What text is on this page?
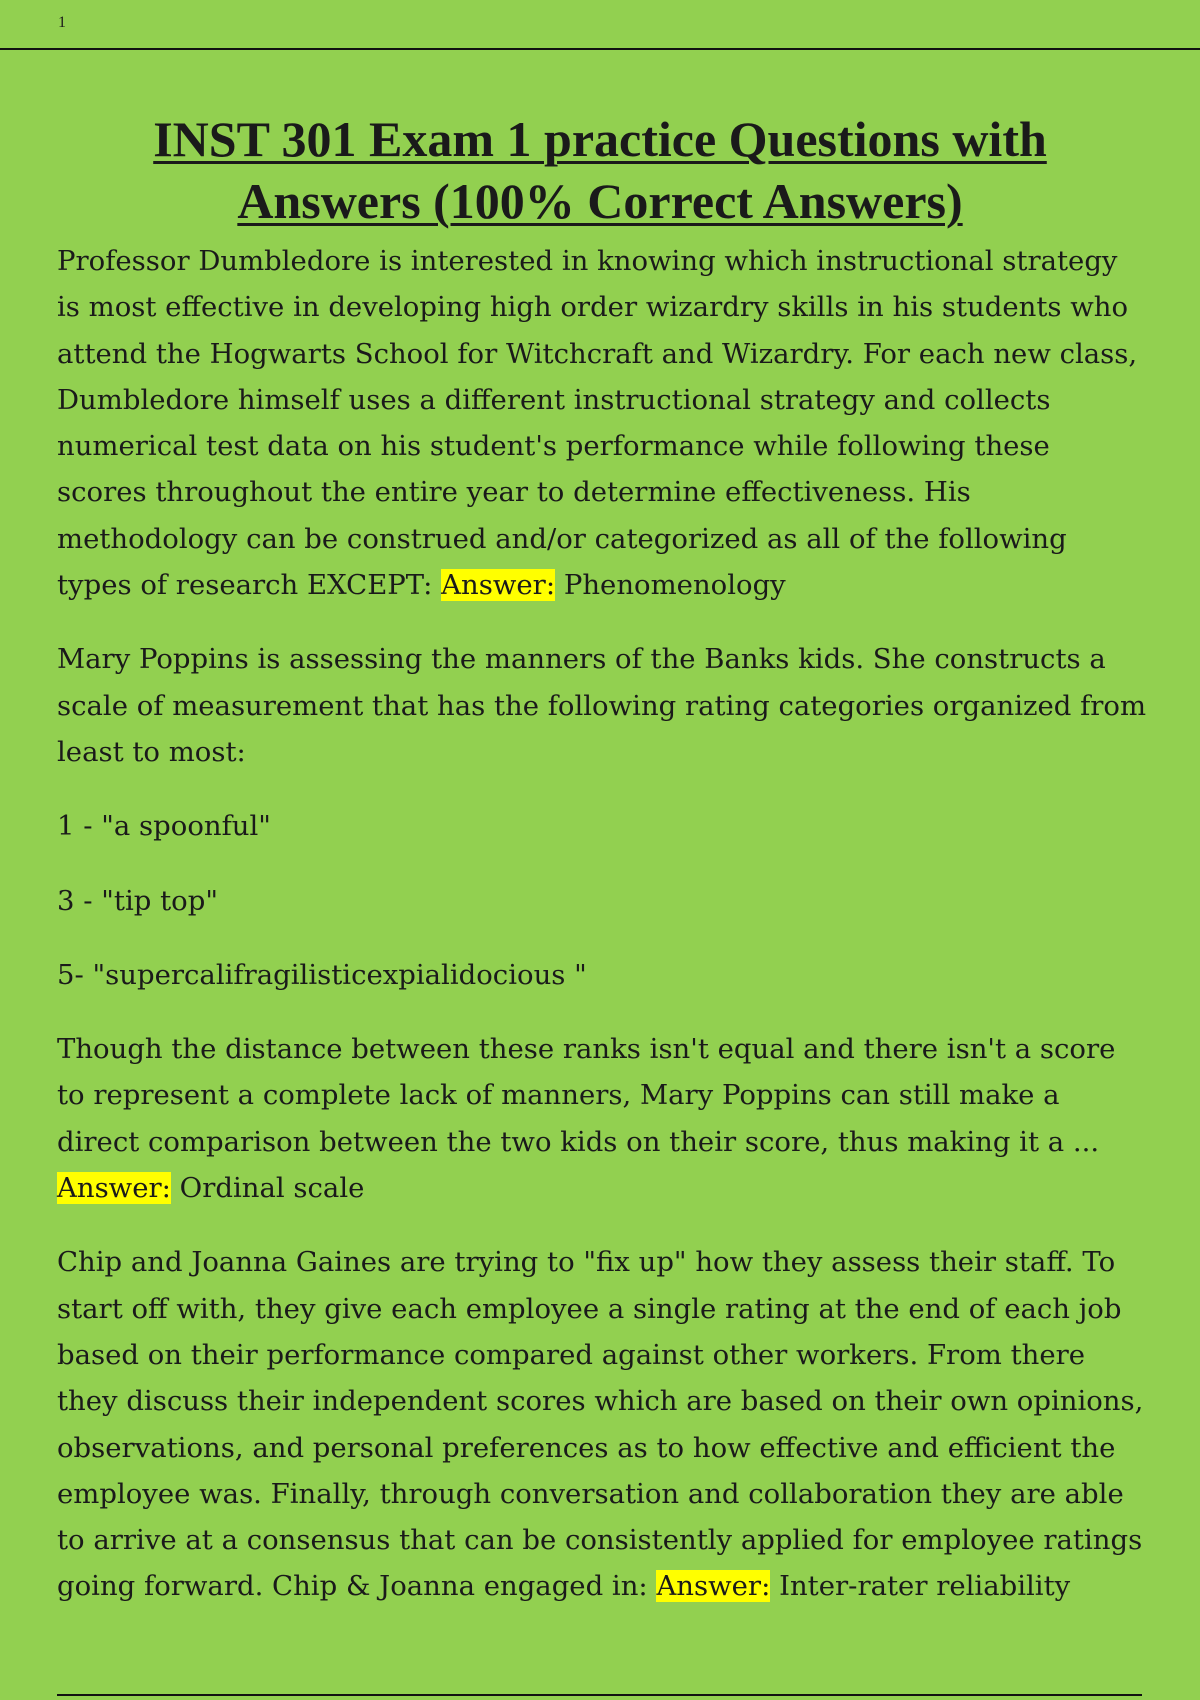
1
INST 301 Exam 1 practice Questions with
Answers (100% Correct Answers)

Professor Dumbledore is interested in knowing which instructional strategy is most effective in developing high order wizardry skills in his students who attend the Hogwarts School for Witchcraft and Wizardry. For each new class, Dumbledore himself uses a different instructional strategy and collects numerical test data on his student's performance while following these scores throughout the entire year to determine effectiveness. His methodology can be construed and/or categorized as all of the following types of research EXCEPT: Answer: Phenomenology

Mary Poppins is assessing the manners of the Banks kids. She constructs a scale of measurement that has the following rating categories organized from least to most:

1 - "a spoonful"

3 - "tip top"

5- "supercalifragilisticexpialidocious "

Though the distance between these ranks isn't equal and there isn't a score to represent a complete lack of manners, Mary Poppins can still make a direct comparison between the two kids on their score, thus making it a ... Answer: Ordinal scale

Chip and Joanna Gaines are trying to "fix up" how they assess their staff. To start off with, they give each employee a single rating at the end of each job based on their performance compared against other workers. From there they discuss their independent scores which are based on their own opinions, observations, and personal preferences as to how effective and efficient the employee was. Finally, through conversation and collaboration they are able to arrive at a consensus that can be consistently applied for employee ratings going forward. Chip & Joanna engaged in: Answer: Inter-rater reliability
